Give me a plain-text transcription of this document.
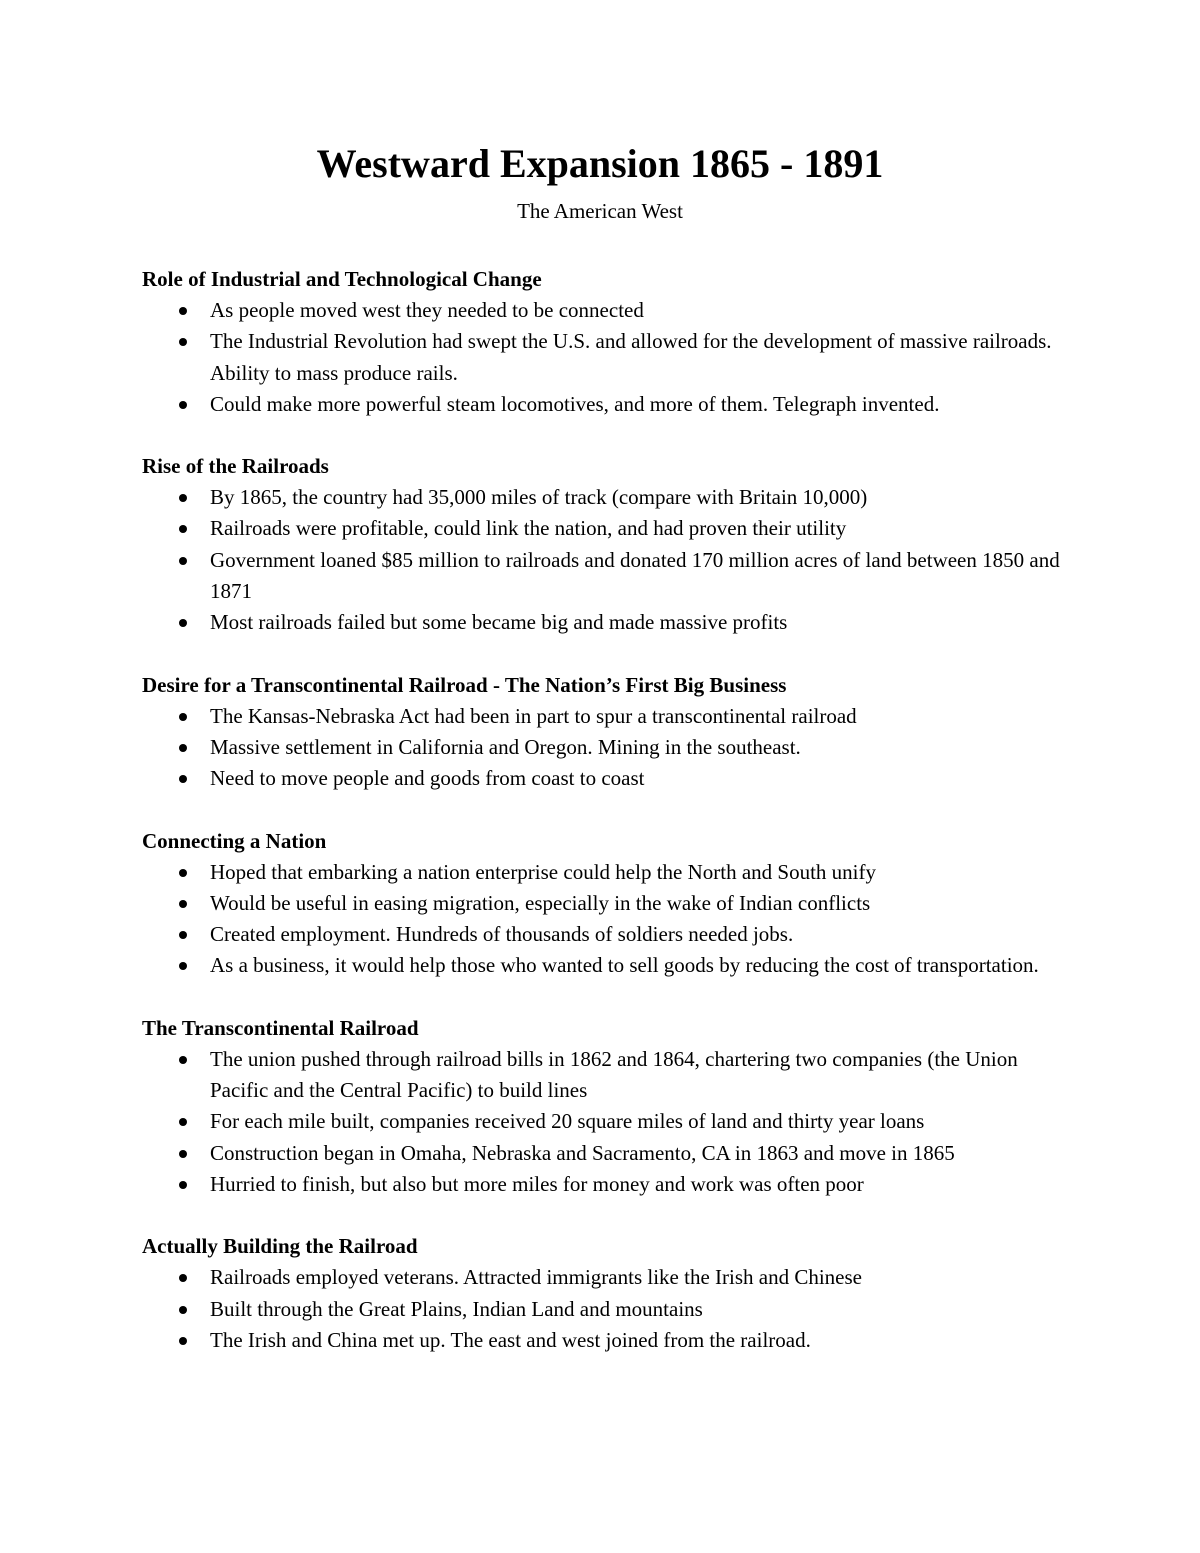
Westward Expansion 1865 - 1891
The American West
Role of Industrial and Technological Change
As people moved west they needed to be connected
The Industrial Revolution had swept the U.S. and allowed for the development of massive railroads. Ability to mass produce rails.
Could make more powerful steam locomotives, and more of them. Telegraph invented.
Rise of the Railroads
By 1865, the country had 35,000 miles of track (compare with Britain 10,000)
Railroads were profitable, could link the nation, and had proven their utility
Government loaned $85 million to railroads and donated 170 million acres of land between 1850 and 1871
Most railroads failed but some became big and made massive profits
Desire for a Transcontinental Railroad - The Nation’s First Big Business
The Kansas-Nebraska Act had been in part to spur a transcontinental railroad
Massive settlement in California and Oregon. Mining in the southeast.
Need to move people and goods from coast to coast
Connecting a Nation
Hoped that embarking a nation enterprise could help the North and South unify
Would be useful in easing migration, especially in the wake of Indian conflicts
Created employment. Hundreds of thousands of soldiers needed jobs.
As a business, it would help those who wanted to sell goods by reducing the cost of transportation.
The Transcontinental Railroad
The union pushed through railroad bills in 1862 and 1864, chartering two companies (the Union Pacific and the Central Pacific) to build lines
For each mile built, companies received 20 square miles of land and thirty year loans
Construction began in Omaha, Nebraska and Sacramento, CA in 1863 and move in 1865
Hurried to finish, but also but more miles for money and work was often poor
Actually Building the Railroad
Railroads employed veterans. Attracted immigrants like the Irish and Chinese
Built through the Great Plains, Indian Land and mountains
The Irish and China met up. The east and west joined from the railroad.
